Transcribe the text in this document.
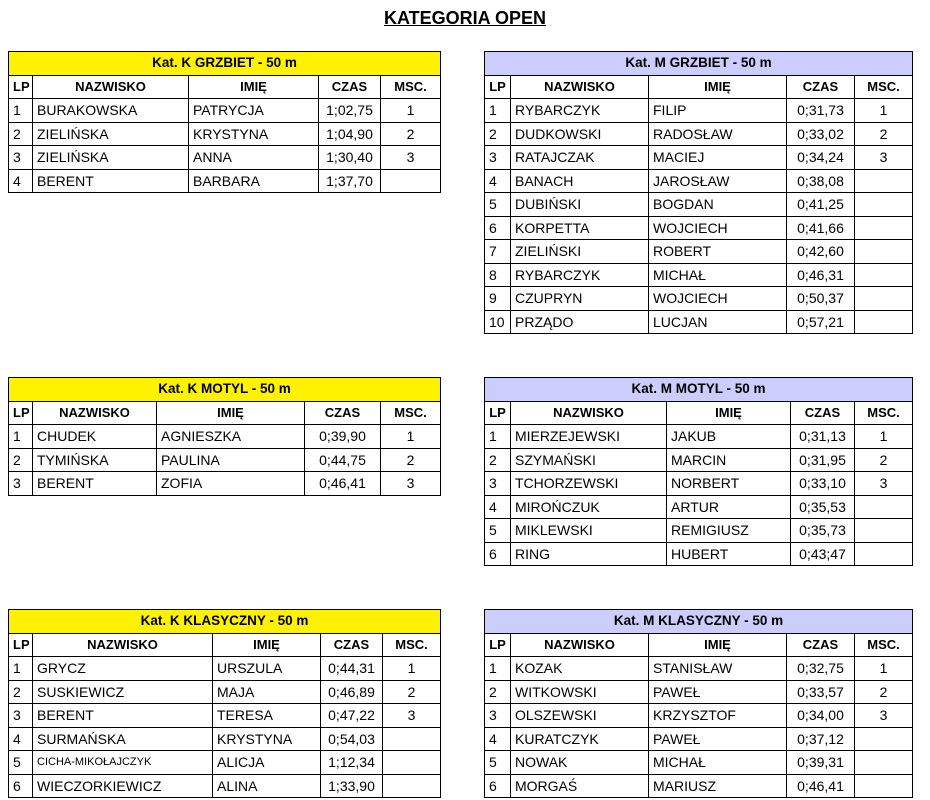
KATEGORIA OPEN
Kat. K GRZBIET - 50 m				
LP	NAZWISKO	IMIĘ	CZAS	MSC.
1	BURAKOWSKA	PATRYCJA	1;02,75	1
2	ZIELIŃSKA	KRYSTYNA	1;04,90	2
3	ZIELIŃSKA	ANNA	1;30,40	3
4	BERENT	BARBARA	1;37,70	
Kat. M GRZBIET - 50 m				
LP	NAZWISKO	IMIĘ	CZAS	MSC.
1	RYBARCZYK	FILIP	0;31,73	1
2	DUDKOWSKI	RADOSŁAW	0;33,02	2
3	RATAJCZAK	MACIEJ	0;34,24	3
4	BANACH	JAROSŁAW	0;38,08	
5	DUBIŃSKI	BOGDAN	0;41,25	
6	KORPETTA	WOJCIECH	0;41,66	
7	ZIELIŃSKI	ROBERT	0;42,60	
8	RYBARCZYK	MICHAŁ	0;46,31	
9	CZUPRYN	WOJCIECH	0;50,37	
10	PRZĄDO	LUCJAN	0;57,21	
Kat. K MOTYL - 50 m				
LP	NAZWISKO	IMIĘ	CZAS	MSC.
1	CHUDEK	AGNIESZKA	0;39,90	1
2	TYMIŃSKA	PAULINA	0;44,75	2
3	BERENT	ZOFIA	0;46,41	3
Kat. M MOTYL - 50 m				
LP	NAZWISKO	IMIĘ	CZAS	MSC.
1	MIERZEJEWSKI	JAKUB	0;31,13	1
2	SZYMAŃSKI	MARCIN	0;31,95	2
3	TCHORZEWSKI	NORBERT	0;33,10	3
4	MIROŃCZUK	ARTUR	0;35,53	
5	MIKLEWSKI	REMIGIUSZ	0;35,73	
6	RING	HUBERT	0;43;47	
Kat. K KLASYCZNY - 50 m				
LP	NAZWISKO	IMIĘ	CZAS	MSC.
1	GRYCZ	URSZULA	0;44,31	1
2	SUSKIEWICZ	MAJA	0;46,89	2
3	BERENT	TERESA	0;47,22	3
4	SURMAŃSKA	KRYSTYNA	0;54,03	
5	CICHA-MIKOŁAJCZYK	ALICJA	1;12,34	
6	WIECZORKIEWICZ	ALINA	1;33,90	
Kat. M KLASYCZNY - 50 m				
LP	NAZWISKO	IMIĘ	CZAS	MSC.
1	KOZAK	STANISŁAW	0;32,75	1
2	WITKOWSKI	PAWEŁ	0;33,57	2
3	OLSZEWSKI	KRZYSZTOF	0;34,00	3
4	KURATCZYK	PAWEŁ	0;37,12	
5	NOWAK	MICHAŁ	0;39,31	
6	MORGAŚ	MARIUSZ	0;46,41	
